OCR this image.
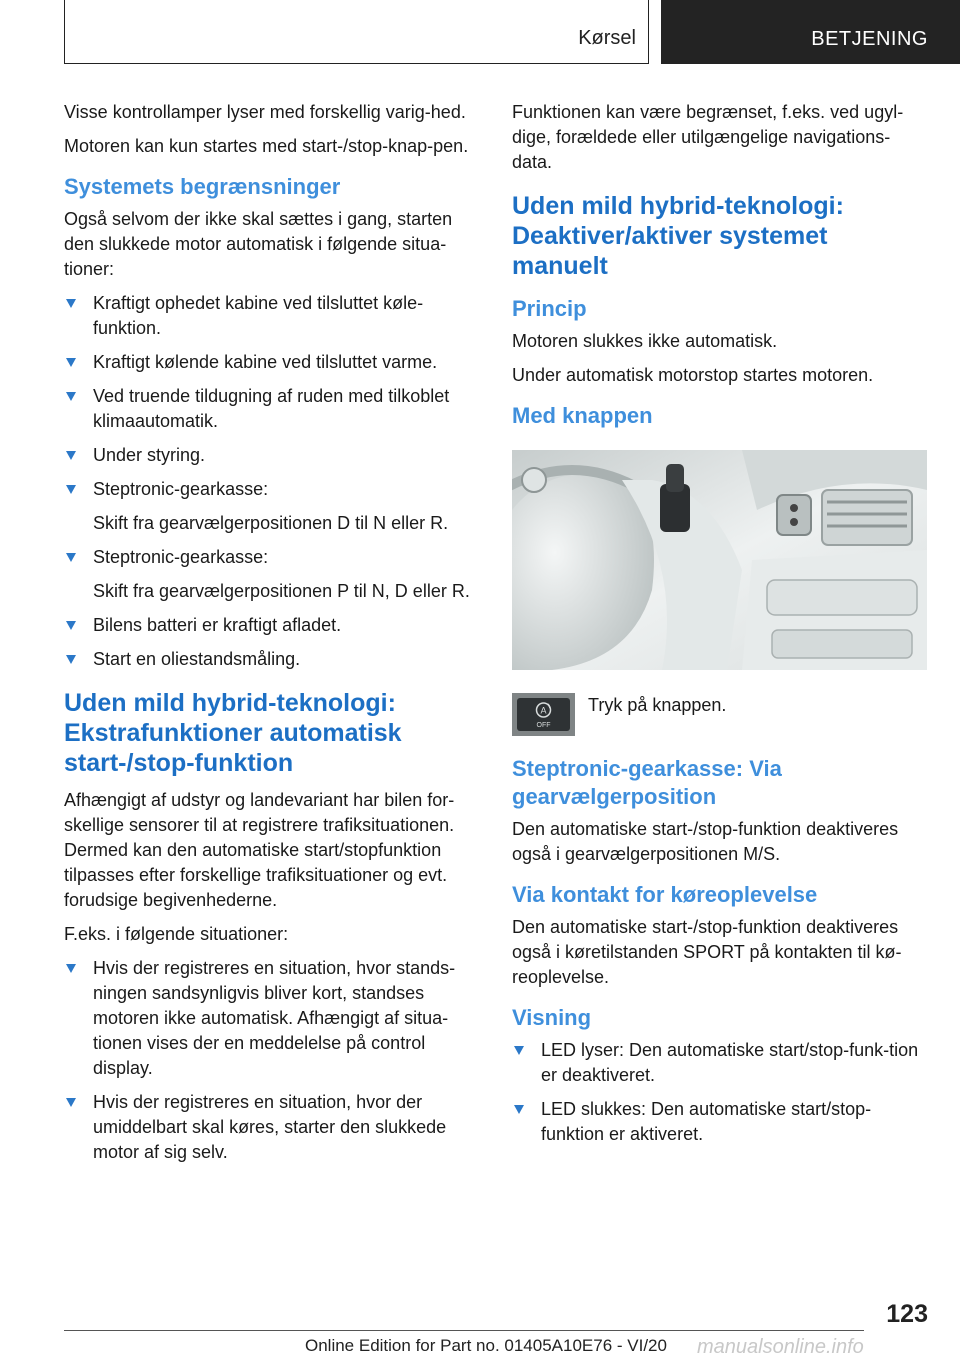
Kørsel	BETJENING

Visse kontrollamper lyser med forskellig varig-hed.

Motoren kan kun startes med start-/stop-knap-pen.

Systemets begrænsninger

Også selvom der ikke skal sættes i gang, starten den slukkede motor automatisk i følgende situa-tioner:

Kraftigt ophedet kabine ved tilsluttet køle-funktion.
Kraftigt kølende kabine ved tilsluttet varme.
Ved truende tildugning af ruden med tilkoblet klimaautomatik.
Under styring.
Steptronic-gearkasse:
Skift fra gearvælgerpositionen D til N eller R.
Steptronic-gearkasse:
Skift fra gearvælgerpositionen P til N, D eller R.
Bilens batteri er kraftigt afladet.
Start en oliestandsmåling.
Uden mild hybrid-teknologi: Ekstrafunktioner automatisk start-/stop-funktion

Afhængigt af udstyr og landevariant har bilen for-skellige sensorer til at registrere trafiksituationen. Dermed kan den automatiske start/stopfunktion tilpasses efter forskellige trafiksituationer og evt. forudsige begivenhederne.

F.eks. i følgende situationer:

Hvis der registreres en situation, hvor stands-ningen sandsynligvis bliver kort, standses motoren ikke automatisk. Afhængigt af situa-tionen vises der en meddelelse på control display.
Hvis der registreres en situation, hvor der umiddelbart skal køres, starter den slukkede motor af sig selv.

Funktionen kan være begrænset, f.eks. ved ugyl-dige, forældede eller utilgængelige navigations-data.

Uden mild hybrid-teknologi: Deaktiver/aktiver systemet manuelt
Princip

Motoren slukkes ikke automatisk.

Under automatisk motorstop startes motoren.

Med knappen
A
OFF
Tryk på knappen.
Steptronic-gearkasse: Via gearvælgerposition

Den automatiske start-/stop-funktion deaktiveres også i gearvælgerpositionen M/S.

Via kontakt for køreoplevelse

Den automatiske start-/stop-funktion deaktiveres også i køretilstanden SPORT på kontakten til kø-reoplevelse.

Visning
LED lyser: Den automatiske start/stop-funk-tion er deaktiveret.
LED slukkes: Den automatiske start/stop-funktion er aktiveret.
123
Online Edition for Part no. 01405A10E76 - VI/20 manualsonline.info
